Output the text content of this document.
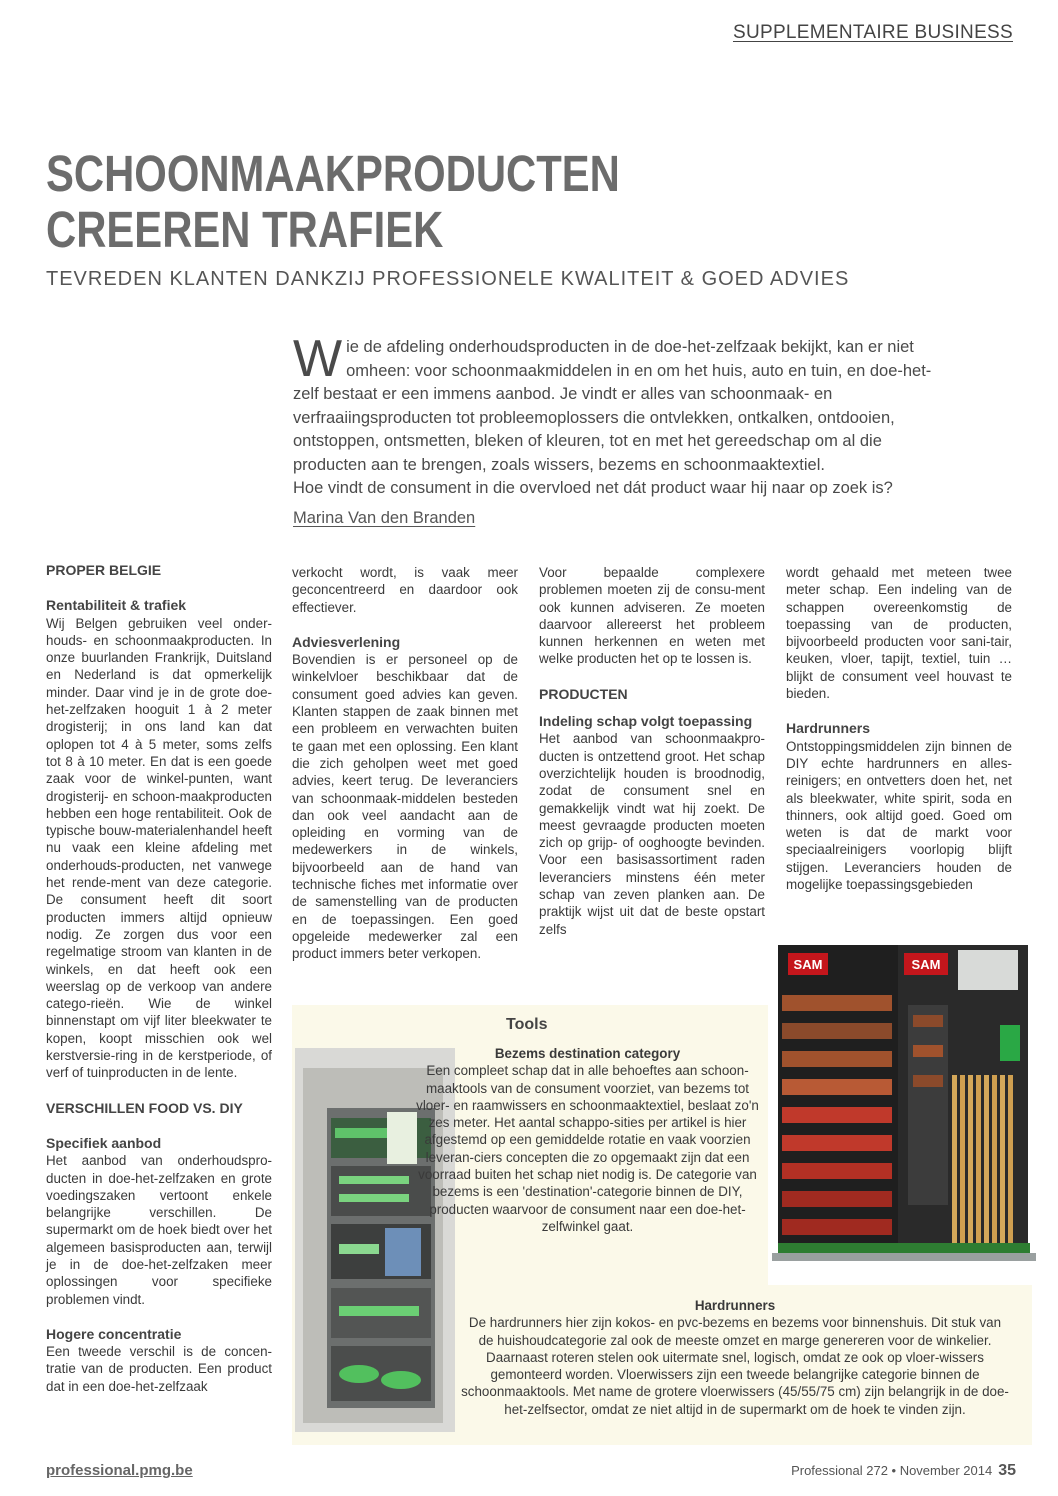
SUPPLEMENTAIRE BUSINESS
SCHOONMAAKPRODUCTEN
CREEREN TRAFIEK
TEVREDEN KLANTEN DANKZIJ PROFESSIONELE KWALITEIT & GOED ADVIES
W ie de afdeling onderhoudsproducten in de doe-het-zelfzaak bekijkt, kan er niet omheen: voor schoonmaakmiddelen in en om het huis, auto en tuin, en doe-het-zelf bestaat er een immens aanbod. Je vindt er alles van schoonmaak- en verfraaiingsproducten tot probleemoplossers die ontvlekken, ontkalken, ontdooien, ontstoppen, ontsmetten, bleken of kleuren, tot en met het gereedschap om al die producten aan te brengen, zoals wissers, bezems en schoonmaaktextiel.
Hoe vindt de consument in die overvloed net dát product waar hij naar op zoek is?
Marina Van den Branden

PROPER BELGIE

Rentabiliteit & trafiek

Wij Belgen gebruiken veel onder-houds- en schoonmaakproducten. In onze buurlanden Frankrijk, Duitsland en Nederland is dat opmerkelijk minder. Daar vind je in de grote doe-het-zelfzaken hooguit 1 à 2 meter drogisterij; in ons land kan dat oplopen tot 4 à 5 meter, soms zelfs tot 8 à 10 meter. En dat is een goede zaak voor de winkel-punten, want drogisterij- en schoon-maakproducten hebben een hoge rentabiliteit. Ook de typische bouw-materialenhandel heeft nu vaak een kleine afdeling met onderhouds-producten, net vanwege het rende-ment van deze categorie. De consument heeft dit soort producten immers altijd opnieuw nodig. Ze zorgen dus voor een regelmatige stroom van klanten in de winkels, en dat heeft ook een weerslag op de verkoop van andere catego-rieën. Wie de winkel binnenstapt om vijf liter bleekwater te kopen, koopt misschien ook wel kerstversie-ring in de kerstperiode, of verf of tuinproducten in de lente.

VERSCHILLEN FOOD VS. DIY

Specifiek aanbod

Het aanbod van onderhoudspro-ducten in doe-het-zelfzaken en grote voedingszaken vertoont enkele belangrijke verschillen. De supermarkt om de hoek biedt over het algemeen basisproducten aan, terwijl je in de doe-het-zelfzaken meer oplossingen voor specifieke problemen vindt.

Hogere concentratie

Een tweede verschil is de concen-tratie van de producten. Een product dat in een doe-het-zelfzaak

verkocht wordt, is vaak meer geconcentreerd en daardoor ook effectiever.

Adviesverlening

Bovendien is er personeel op de winkelvloer beschikbaar dat de consument goed advies kan geven. Klanten stappen de zaak binnen met een probleem en verwachten buiten te gaan met een oplossing. Een klant die zich geholpen weet met goed advies, keert terug. De leveranciers van schoonmaak-middelen besteden dan ook veel aandacht aan de opleiding en vorming van de medewerkers in de winkels, bijvoorbeeld aan de hand van technische fiches met informatie over de samenstelling van de producten en de toepassingen. Een goed opgeleide medewerker zal een product immers beter verkopen.

Voor bepaalde complexere problemen moeten zij de consu-ment ook kunnen adviseren. Ze moeten daarvoor allereerst het probleem kunnen herkennen en weten met welke producten het op te lossen is.

PRODUCTEN

Indeling schap volgt toepassing

Het aanbod van schoonmaakpro-ducten is ontzettend groot. Het schap overzichtelijk houden is broodnodig, zodat de consument snel en gemakkelijk vindt wat hij zoekt. De meest gevraagde producten moeten zich op grijp- of ooghoogte bevinden. Voor een basisassortiment raden leveranciers minstens één meter schap van zeven planken aan. De praktijk wijst uit dat de beste opstart zelfs

wordt gehaald met meteen twee meter schap. Een indeling van de schappen overeenkomstig de toepassing van de producten, bijvoorbeeld producten voor sani-tair, keuken, vloer, tapijt, textiel, tuin … blijkt de consument veel houvast te bieden.

Hardrunners

Ontstoppingsmiddelen zijn binnen de DIY echte hardrunners en alles-reinigers; en ontvetters doen het, net als bleekwater, white spirit, soda en thinners, ook altijd goed. Goed om weten is dat de markt voor speciaalreinigers voorlopig blijft stijgen. Leveranciers houden de mogelijke toepassingsgebieden

Tools
Bezems destination category
Een compleet schap dat in alle behoeftes aan schoon-maaktools van de consument voorziet, van bezems tot vloer- en raamwissers en schoonmaaktextiel, beslaat zo'n zes meter. Het aantal schappo-sities per artikel is hier afgestemd op een gemiddelde rotatie en vaak voorzien leveran-ciers concepten die zo opgemaakt zijn dat een voorraad buiten het schap niet nodig is. De categorie van bezems is een 'destination'-categorie binnen de DIY, producten waarvoor de consument naar een doe-het-zelfwinkel gaat.
SAM	SAM
Hardrunners
De hardrunners hier zijn kokos- en pvc-bezems en bezems voor binnenshuis. Dit stuk van de huishoudcategorie zal ook de meeste omzet en marge genereren voor de winkelier. Daarnaast roteren stelen ook uitermate snel, logisch, omdat ze ook op vloer-wissers gemonteerd worden. Vloerwissers zijn een tweede belangrijke categorie binnen de schoonmaaktools. Met name de grotere vloerwissers (45/55/75 cm) zijn belangrijk in de doe-het-zelfsector, omdat ze niet altijd in de supermarkt om de hoek te vinden zijn.
professional.pmg.be	Professional 272 • November 2014 35
